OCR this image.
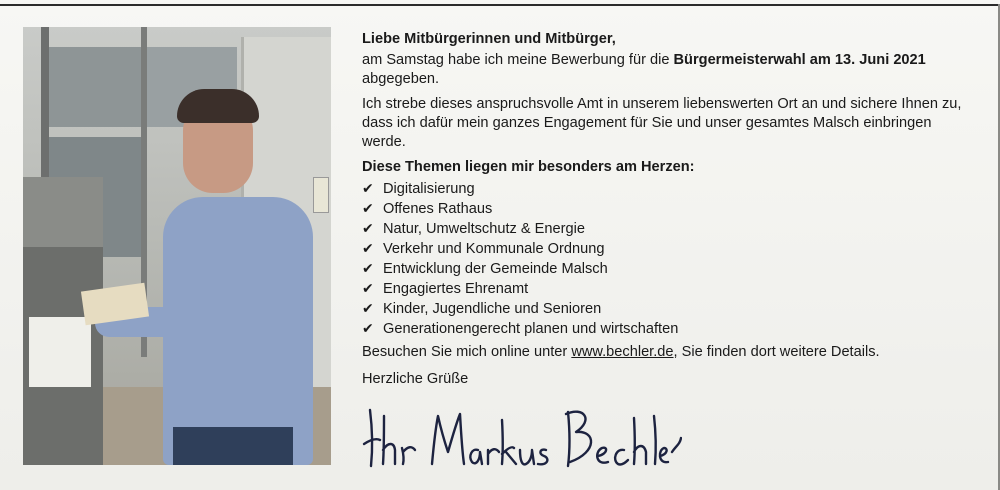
Liebe Mitbürgerinnen und Mitbürger,

am Samstag habe ich meine Bewerbung für die Bürgermeisterwahl am 13. Juni 2021 abgegeben.

Ich strebe dieses anspruchsvolle Amt in unserem liebenswerten Ort an und sichere Ihnen zu, dass ich dafür mein ganzes Engagement für Sie und unser gesamtes Malsch einbringen werde.

Diese Themen liegen mir besonders am Herzen:

✔ Digitalisierung
✔ Offenes Rathaus
✔ Natur, Umweltschutz & Energie
✔ Verkehr und Kommunale Ordnung
✔ Entwicklung der Gemeinde Malsch
✔ Engagiertes Ehrenamt
✔ Kinder, Jugendliche und Senioren
✔ Generationengerecht planen und wirtschaften

Besuchen Sie mich online unter www.bechler.de, Sie finden dort weitere Details.

Herzliche Grüße
